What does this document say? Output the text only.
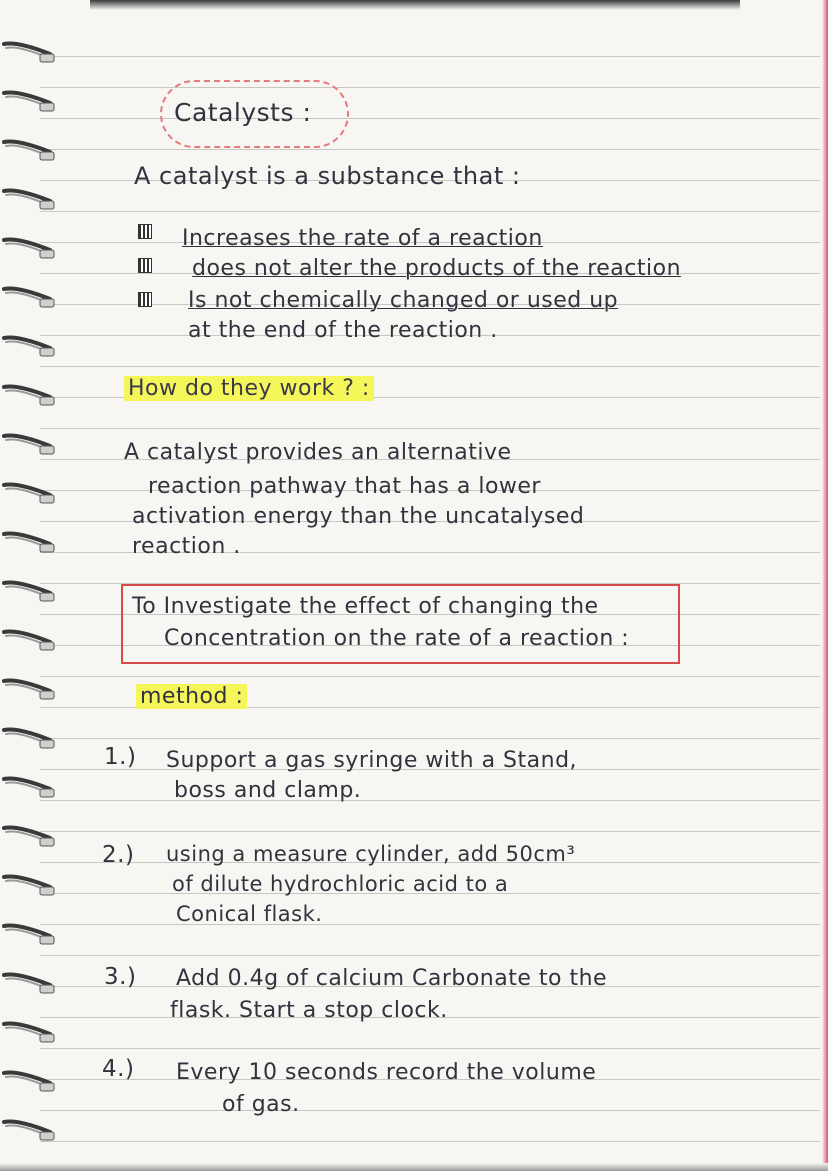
Catalysts :
A catalyst is a substance that :
Increases the rate of a reaction
does not alter the products of the reaction
Is not chemically changed or used up
at the end of the reaction .
How do they work ? :
A catalyst provides an alternative
reaction pathway that has a lower
activation energy than the uncatalysed
reaction .
To Investigate the effect of changing the
Concentration on the rate of a reaction :
method :
1.) Support a gas syringe with a Stand,
boss and clamp.
2.) using a measure cylinder, add 50cm³
of dilute hydrochloric acid to a
Conical flask.
3.) Add 0.4g of calcium Carbonate to the
flask. Start a stop clock.
4.) Every 10 seconds record the volume
of gas.
